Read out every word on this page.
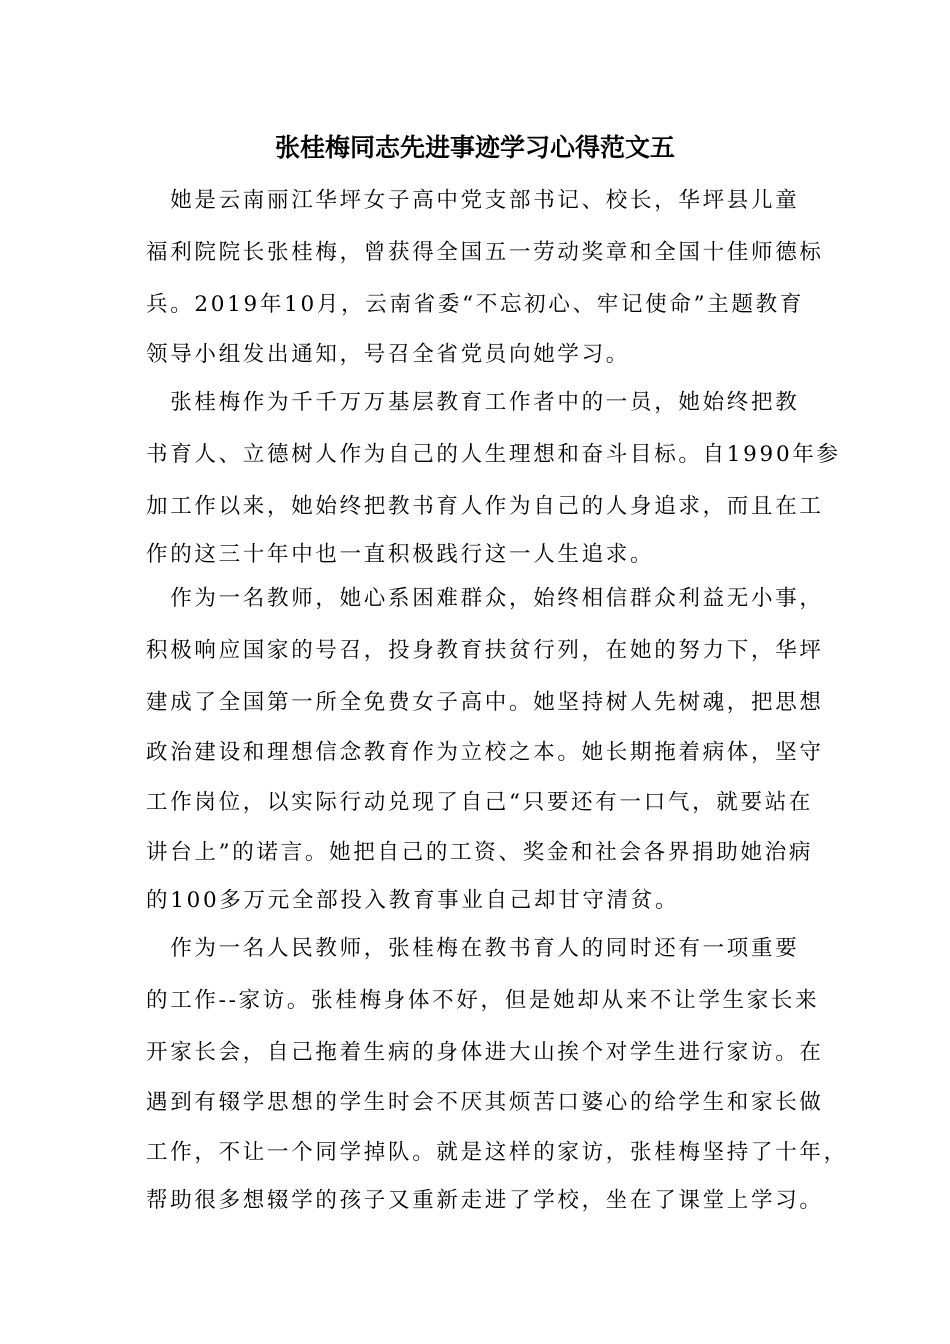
张桂梅同志先进事迹学习心得范文五
　她是云南丽江华坪女子高中党支部书记、校长，华坪县儿童
福利院院长张桂梅，曾获得全国五一劳动奖章和全国十佳师德标
兵。2019年10月，云南省委“不忘初心、牢记使命”主题教育
领导小组发出通知，号召全省党员向她学习。
　张桂梅作为千千万万基层教育工作者中的一员，她始终把教
书育人、立德树人作为自己的人生理想和奋斗目标。自1990年参
加工作以来，她始终把教书育人作为自己的人身追求，而且在工
作的这三十年中也一直积极践行这一人生追求。
　作为一名教师，她心系困难群众，始终相信群众利益无小事，
积极响应国家的号召，投身教育扶贫行列，在她的努力下，华坪
建成了全国第一所全免费女子高中。她坚持树人先树魂，把思想
政治建设和理想信念教育作为立校之本。她长期拖着病体，坚守
工作岗位，以实际行动兑现了自己“只要还有一口气，就要站在
讲台上”的诺言。她把自己的工资、奖金和社会各界捐助她治病
的100多万元全部投入教育事业自己却甘守清贫。
　作为一名人民教师，张桂梅在教书育人的同时还有一项重要
的工作--家访。张桂梅身体不好，但是她却从来不让学生家长来
开家长会，自己拖着生病的身体进大山挨个对学生进行家访。在
遇到有辍学思想的学生时会不厌其烦苦口婆心的给学生和家长做
工作，不让一个同学掉队。就是这样的家访，张桂梅坚持了十年，
帮助很多想辍学的孩子又重新走进了学校，坐在了课堂上学习。
